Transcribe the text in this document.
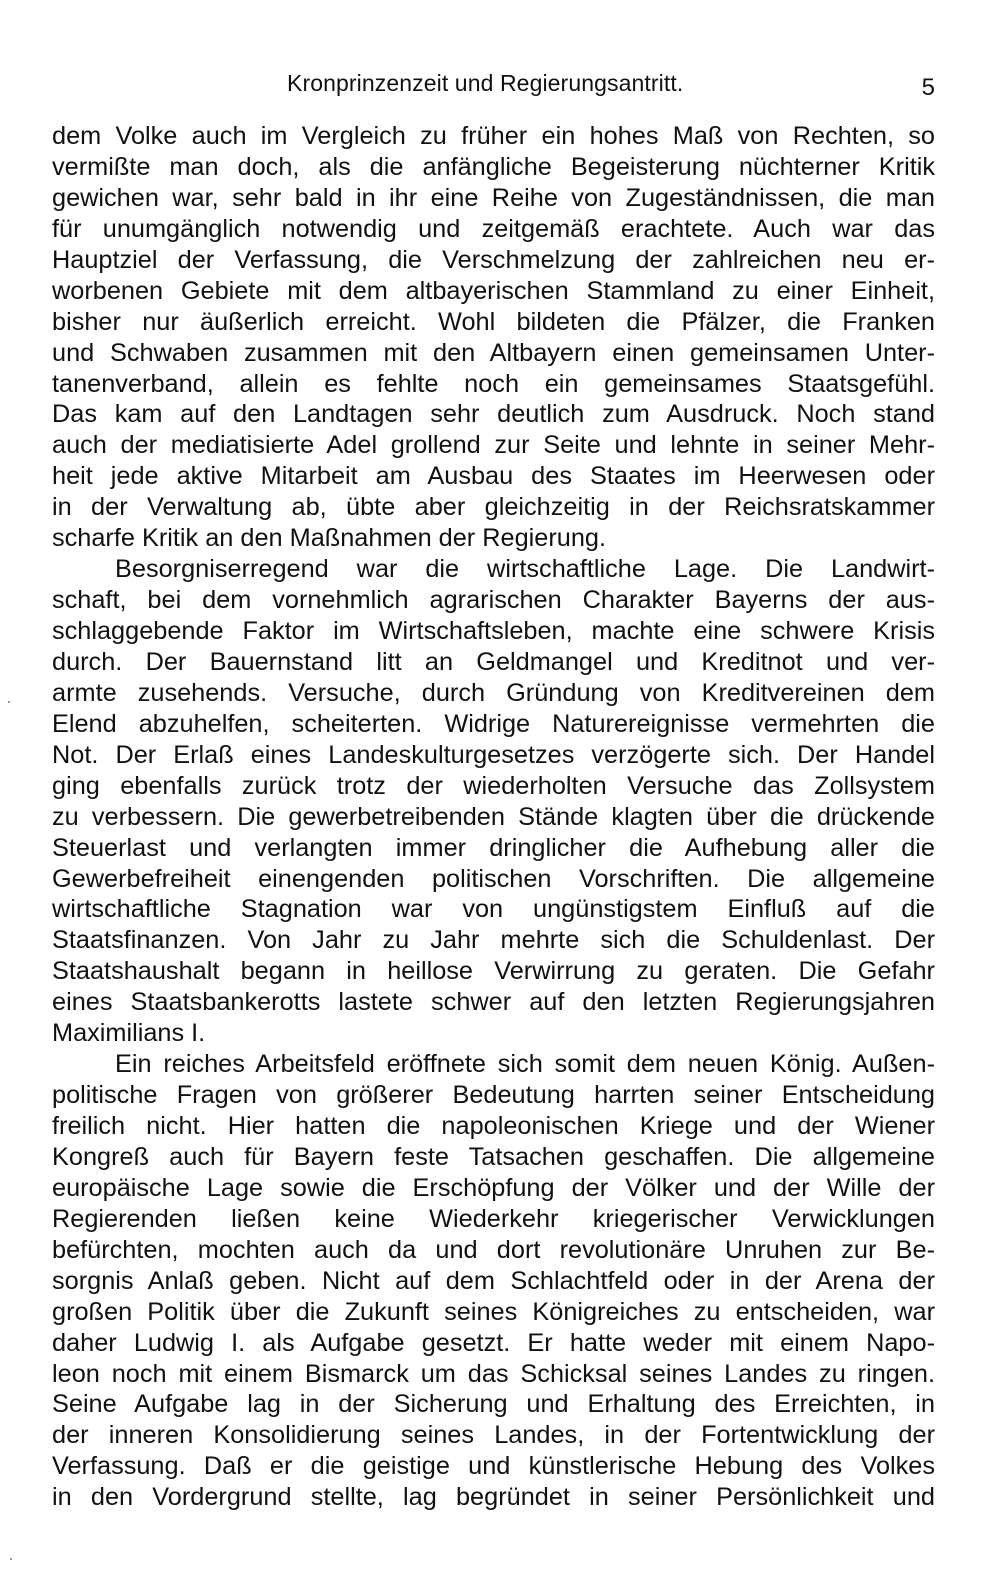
Kronprinzenzeit und Regierungsantritt.	5
dem Volke auch im Vergleich zu früher ein hohes Maß von Rechten, so
vermißte man doch, als die anfängliche Begeisterung nüchterner Kritik
gewichen war, sehr bald in ihr eine Reihe von Zugeständnissen, die man
für unumgänglich notwendig und zeitgemäß erachtete. Auch war das
Hauptziel der Verfassung, die Verschmelzung der zahlreichen neu er-
worbenen Gebiete mit dem altbayerischen Stammland zu einer Einheit,
bisher nur äußerlich erreicht. Wohl bildeten die Pfälzer, die Franken
und Schwaben zusammen mit den Altbayern einen gemeinsamen Unter-
tanenverband, allein es fehlte noch ein gemeinsames Staatsgefühl.
Das kam auf den Landtagen sehr deutlich zum Ausdruck. Noch stand
auch der mediatisierte Adel grollend zur Seite und lehnte in seiner Mehr-
heit jede aktive Mitarbeit am Ausbau des Staates im Heerwesen oder
in der Verwaltung ab, übte aber gleichzeitig in der Reichsratskammer
scharfe Kritik an den Maßnahmen der Regierung.
Besorgniserregend war die wirtschaftliche Lage. Die Landwirt-
schaft, bei dem vornehmlich agrarischen Charakter Bayerns der aus-
schlaggebende Faktor im Wirtschaftsleben, machte eine schwere Krisis
durch. Der Bauernstand litt an Geldmangel und Kreditnot und ver-
armte zusehends. Versuche, durch Gründung von Kreditvereinen dem
Elend abzuhelfen, scheiterten. Widrige Naturereignisse vermehrten die
Not. Der Erlaß eines Landeskulturgesetzes verzögerte sich. Der Handel
ging ebenfalls zurück trotz der wiederholten Versuche das Zollsystem
zu verbessern. Die gewerbetreibenden Stände klagten über die drückende
Steuerlast und verlangten immer dringlicher die Aufhebung aller die
Gewerbefreiheit einengenden politischen Vorschriften. Die allgemeine
wirtschaftliche Stagnation war von ungünstigstem Einfluß auf die
Staatsfinanzen. Von Jahr zu Jahr mehrte sich die Schuldenlast. Der
Staatshaushalt begann in heillose Verwirrung zu geraten. Die Gefahr
eines Staatsbankerotts lastete schwer auf den letzten Regierungsjahren
Maximilians I.
Ein reiches Arbeitsfeld eröffnete sich somit dem neuen König. Außen-
politische Fragen von größerer Bedeutung harrten seiner Entscheidung
freilich nicht. Hier hatten die napoleonischen Kriege und der Wiener
Kongreß auch für Bayern feste Tatsachen geschaffen. Die allgemeine
europäische Lage sowie die Erschöpfung der Völker und der Wille der
Regierenden ließen keine Wiederkehr kriegerischer Verwicklungen
befürchten, mochten auch da und dort revolutionäre Unruhen zur Be-
sorgnis Anlaß geben. Nicht auf dem Schlachtfeld oder in der Arena der
großen Politik über die Zukunft seines Königreiches zu entscheiden, war
daher Ludwig I. als Aufgabe gesetzt. Er hatte weder mit einem Napo-
leon noch mit einem Bismarck um das Schicksal seines Landes zu ringen.
Seine Aufgabe lag in der Sicherung und Erhaltung des Erreichten, in
der inneren Konsolidierung seines Landes, in der Fortentwicklung der
Verfassung. Daß er die geistige und künstlerische Hebung des Volkes
in den Vordergrund stellte, lag begründet in seiner Persönlichkeit und
